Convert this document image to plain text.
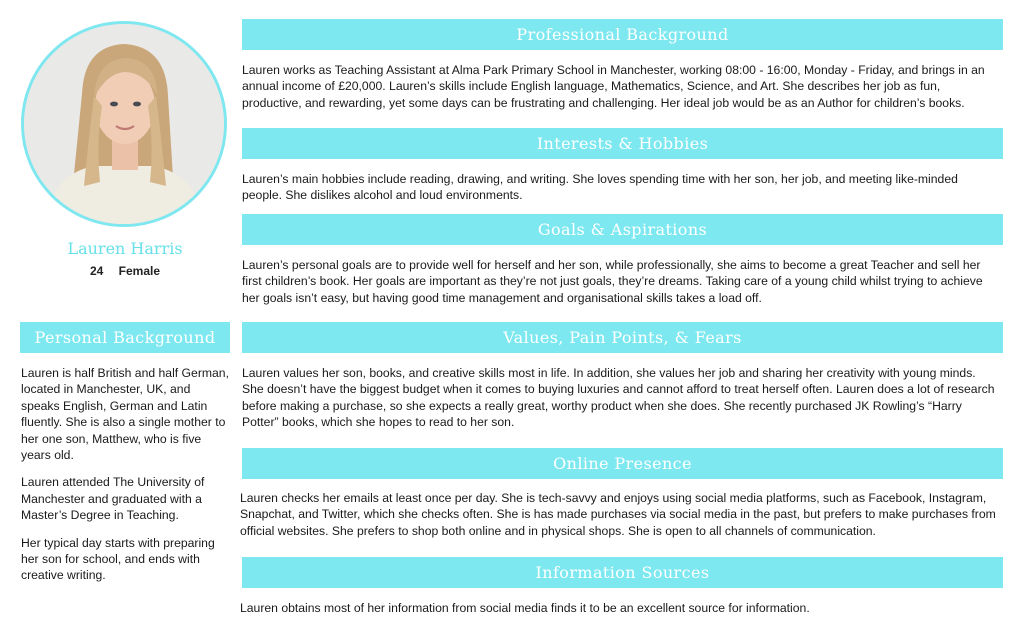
Lauren Harris
24 Female
Personal Background

Lauren is half British and half German, located in Manchester, UK, and speaks English, German and Latin fluently. She is also a single mother to her one son, Matthew, who is five years old.

Lauren attended The University of Manchester and graduated with a Master’s Degree in Teaching.

Her typical day starts with preparing her son for school, and ends with creative writing.

Professional Background

Lauren works as Teaching Assistant at Alma Park Primary School in Manchester, working 08:00 - 16:00, Monday - Friday, and brings in an annual income of £20,000. Lauren’s skills include English language, Mathematics, Science, and Art. She describes her job as fun, productive, and rewarding, yet some days can be frustrating and challenging. Her ideal job would be as an Author for children’s books.

Interests & Hobbies

Lauren’s main hobbies include reading, drawing, and writing. She loves spending time with her son, her job, and meeting like-minded people. She dislikes alcohol and loud environments.

Goals & Aspirations

Lauren’s personal goals are to provide well for herself and her son, while professionally, she aims to become a great Teacher and sell her first children’s book. Her goals are important as they’re not just goals, they’re dreams. Taking care of a young child whilst trying to achieve her goals isn’t easy, but having good time management and organisational skills takes a load off.

Values, Pain Points, & Fears

Lauren values her son, books, and creative skills most in life. In addition, she values her job and sharing her creativity with young minds. She doesn’t have the biggest budget when it comes to buying luxuries and cannot afford to treat herself often. Lauren does a lot of research before making a purchase, so she expects a really great, worthy product when she does. She recently purchased JK Rowling’s “Harry Potter” books, which she hopes to read to her son.

Online Presence

Lauren checks her emails at least once per day. She is tech-savvy and enjoys using social media platforms, such as Facebook, Instagram, Snapchat, and Twitter, which she checks often. She is has made purchases via social media in the past, but prefers to make purchases from official websites. She prefers to shop both online and in physical shops. She is open to all channels of communication.

Information Sources

Lauren obtains most of her information from social media finds it to be an excellent source for information.
